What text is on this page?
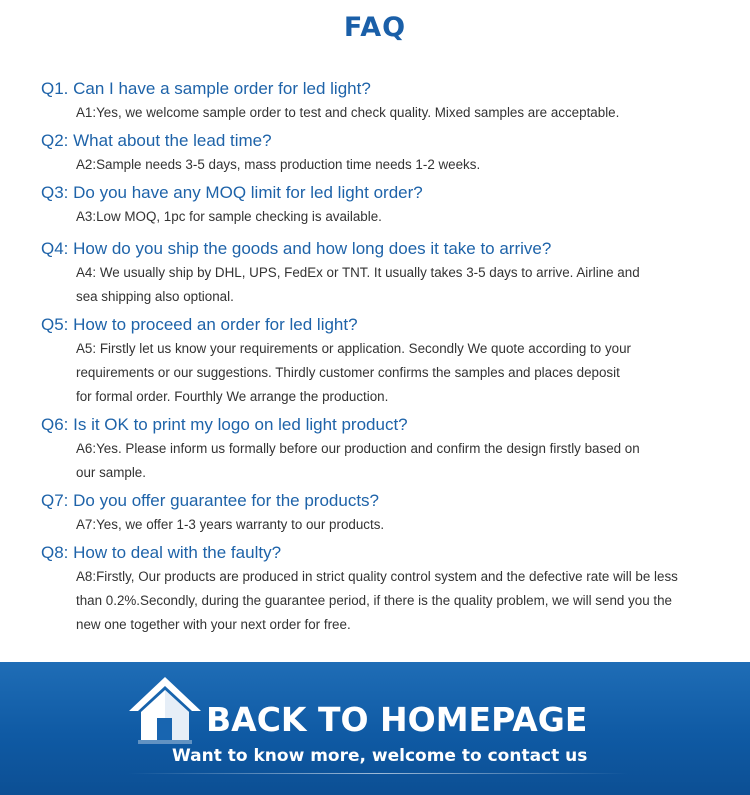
FAQ
Q1. Can I have a sample order for led light?
A1:Yes, we welcome sample order to test and check quality. Mixed samples are acceptable.
Q2: What about the lead time?
A2:Sample needs 3-5 days, mass production time needs 1-2 weeks.
Q3: Do you have any MOQ limit for led light order?
A3:Low MOQ, 1pc for sample checking is available.
Q4: How do you ship the goods and how long does it take to arrive?
A4: We usually ship by DHL, UPS, FedEx or TNT. It usually takes 3-5 days to arrive. Airline and
sea shipping also optional.
Q5: How to proceed an order for led light?
A5: Firstly let us know your requirements or application. Secondly We quote according to your
requirements or our suggestions. Thirdly customer confirms the samples and places deposit
for formal order. Fourthly We arrange the production.
Q6: Is it OK to print my logo on led light product?
A6:Yes. Please inform us formally before our production and confirm the design firstly based on
our sample.
Q7: Do you offer guarantee for the products?
A7:Yes, we offer 1-3 years warranty to our products.
Q8: How to deal with the faulty?
A8:Firstly, Our products are produced in strict quality control system and the defective rate will be less
than 0.2%.Secondly, during the guarantee period, if there is the quality problem, we will send you the
new one together with your next order for free.
BACK TO HOMEPAGE
Want to know more, welcome to contact us
